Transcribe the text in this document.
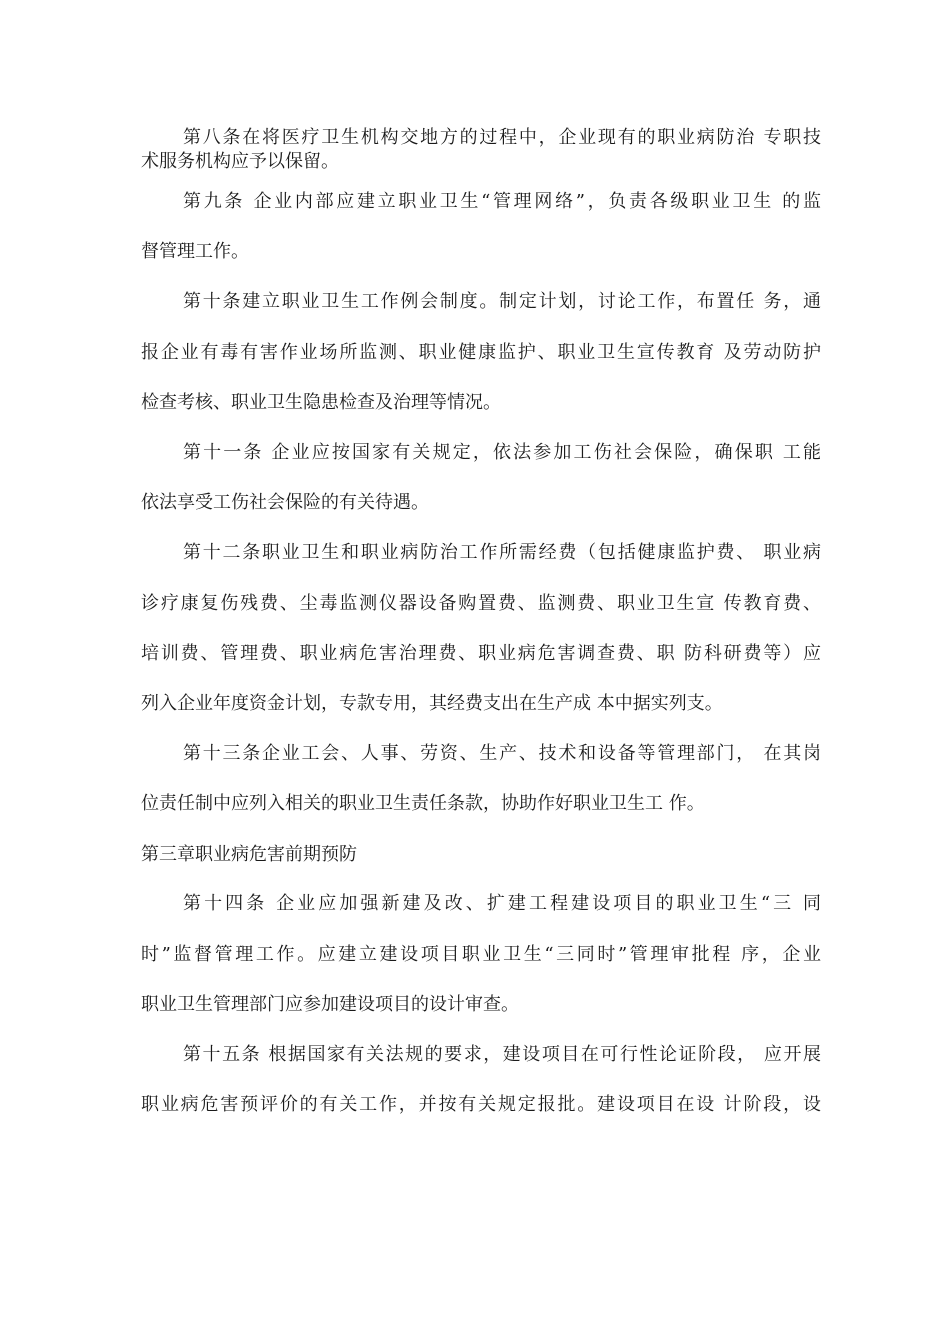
第八条在将医疗卫生机构交地方的过程中，企业现有的职业病防治 专职技
术服务机构应予以保留。
第九条 企业内部应建立职业卫生“管理网络”，负责各级职业卫生 的监
督管理工作。
第十条建立职业卫生工作例会制度。制定计划，讨论工作，布置任 务，通
报企业有毒有害作业场所监测、职业健康监护、职业卫生宣传教育 及劳动防护
检查考核、职业卫生隐患检查及治理等情况。
第十一条 企业应按国家有关规定，依法参加工伤社会保险，确保职 工能
依法享受工伤社会保险的有关待遇。
第十二条职业卫生和职业病防治工作所需经费（包括健康监护费、 职业病
诊疗康复伤残费、尘毒监测仪器设备购置费、监测费、职业卫生宣 传教育费、
培训费、管理费、职业病危害治理费、职业病危害调查费、职 防科研费等）应
列入企业年度资金计划，专款专用，其经费支出在生产成 本中据实列支。
第十三条企业工会、人事、劳资、生产、技术和设备等管理部门， 在其岗
位责任制中应列入相关的职业卫生责任条款，协助作好职业卫生工 作。
第三章职业病危害前期预防
第十四条 企业应加强新建及改、扩建工程建设项目的职业卫生“三 同
时”监督管理工作。应建立建设项目职业卫生“三同时”管理审批程 序，企业
职业卫生管理部门应参加建设项目的设计审查。
第十五条 根据国家有关法规的要求，建设项目在可行性论证阶段， 应开展
职业病危害预评价的有关工作，并按有关规定报批。建设项目在设 计阶段，设
